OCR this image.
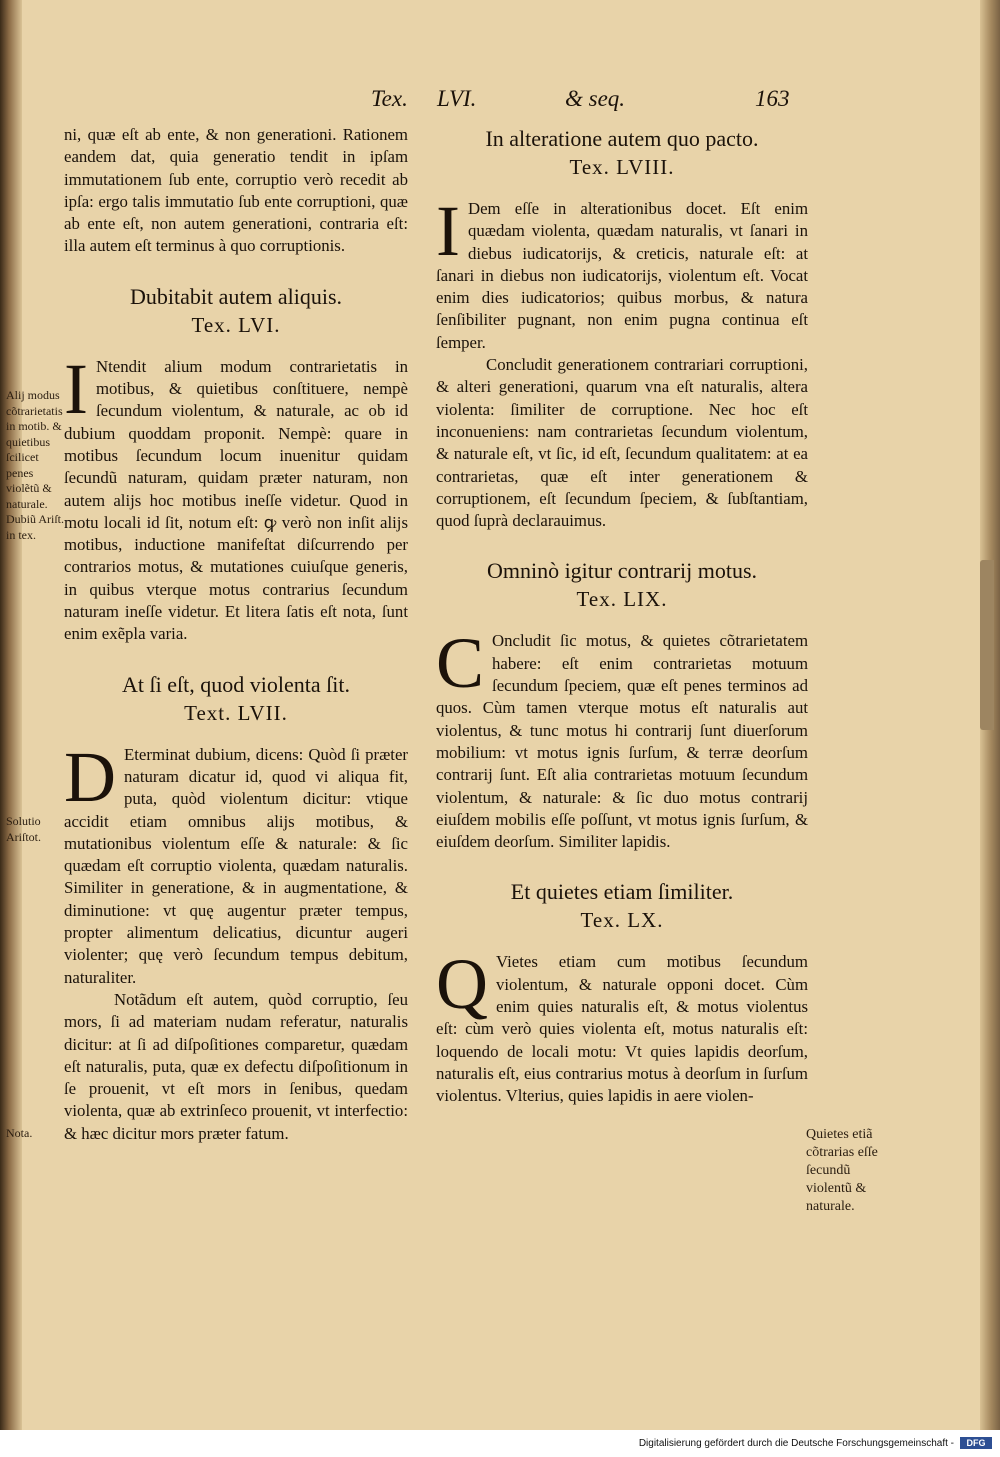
Tex. LVI.	& seq.	163

ni, quæ eſt ab ente, & non generationi. Rationem eandem dat, quia generatio tendit in ipſam immutationem ſub ente, corruptio verò recedit ab ipſa: ergo talis immutatio ſub ente corruptioni, quæ ab ente eſt, non autem generationi, contraria eſt: illa autem eſt terminus à quo corruptionis.

Dubitabit autem aliquis.
Tex. LVI.

I Ntendit alium modum contrarietatis in motibus, & quietibus conſtituere, nempè ſecundum violentum, & naturale, ac ob id dubium quoddam proponit. Nempè: quare in motibus ſecundum locum inuenitur quidam ſecundũ naturam, quidam præter naturam, non autem alijs hoc motibus ineſſe videtur. Quod in motu locali id ſit, notum eſt: ꝙ verò non inſit alijs motibus, inductione manifeſtat diſcurrendo per contrarios motus, & mutationes cuiuſque generis, in quibus vterque motus contrarius ſecundum naturam ineſſe videtur. Et litera ſatis eſt nota, ſunt enim exẽpla varia.

At ſi eſt, quod violenta ſit.
Text. LVII.

D Eterminat dubium, dicens: Quòd ſi præter naturam dicatur id, quod vi aliqua fit, puta, quòd violentum dicitur: vtique accidit etiam omnibus alijs motibus, & mutationibus violentum eſſe & naturale: & ſic quædam eſt corruptio violenta, quædam naturalis. Similiter in generatione, & in augmentatione, & diminutione: vt quę augentur præter tempus, propter alimentum delicatius, dicuntur augeri violenter; quę verò ſecundum tempus debitum, naturaliter.

Notãdum eſt autem, quòd corruptio, ſeu mors, ſi ad materiam nudam referatur, naturalis dicitur: at ſi ad diſpoſitiones comparetur, quædam eſt naturalis, puta, quæ ex defectu diſpoſitionum in ſe prouenit, vt eſt mors in ſenibus, quedam violenta, quæ ab extrinſeco prouenit, vt interfectio: & hæc dicitur mors præter fatum.

In alteratione autem quo pacto.
Tex. LVIII.

I Dem eſſe in alterationibus docet. Eſt enim quædam violenta, quædam naturalis, vt ſanari in diebus iudicatorijs, & creticis, naturale eſt: at ſanari in diebus non iudicatorijs, violentum eſt. Vocat enim dies iudicatorios; quibus morbus, & natura ſenſibiliter pugnant, non enim pugna continua eſt ſemper.

Concludit generationem contrariari corruptioni, & alteri generationi, quarum vna eſt naturalis, altera violenta: ſimiliter de corruptione. Nec hoc eſt inconueniens: nam contrarietas ſecundum violentum, & naturale eſt, vt ſic, id eſt, ſecundum qualitatem: at ea contrarietas, quæ eſt inter generationem & corruptionem, eſt ſecundum ſpeciem, & ſubſtantiam, quod ſuprà declarauimus.

Omninò igitur contrarij motus.
Tex. LIX.

C Oncludit ſic motus, & quietes cõtrarietatem habere: eſt enim contrarietas motuum ſecundum ſpeciem, quæ eſt penes terminos ad quos. Cùm tamen vterque motus eſt naturalis aut violentus, & tunc motus hi contrarij ſunt diuerſorum mobilium: vt motus ignis ſurſum, & terræ deorſum contrarij ſunt. Eſt alia contrarietas motuum ſecundum violentum, & naturale: & ſic duo motus contrarij eiuſdem mobilis eſſe poſſunt, vt motus ignis ſurſum, & eiuſdem deorſum. Similiter lapidis.

Et quietes etiam ſimiliter.
Tex. LX.

Q Vietes etiam cum motibus ſecundum violentum, & naturale opponi docet. Cùm enim quies naturalis eſt, & motus violentus eſt: cùm verò quies violenta eſt, motus naturalis eſt: loquendo de locali motu: Vt quies lapidis deorſum, naturalis eſt, eius contrarius motus à deorſum in ſurſum violentus. Vlterius, quies lapidis in aere violen-

Alij modus cõtrarietatis in motib. & quietibus ſcilicet penes violẽtũ & naturale. Dubiũ Ariſt. in tex.
Solutio Ariſtot.
Nota.	Quietes etiã cõtrarias eſſe ſecundũ violentũ & naturale.
Digitalisierung gefördert durch die Deutsche Forschungsgemeinschaft -	DFG
